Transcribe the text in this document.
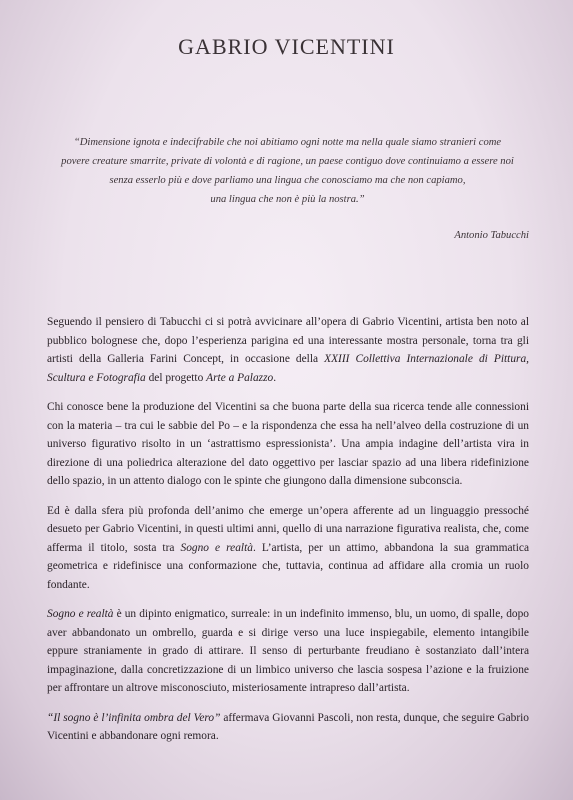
GABRIO VICENTINI
“Dimensione ignota e indecifrabile che noi abitiamo ogni notte ma nella quale siamo stranieri come
povere creature smarrite, private di volontà e di ragione, un paese contiguo dove continuiamo a essere noi
senza esserlo più e dove parliamo una lingua che conosciamo ma che non capiamo,
una lingua che non è più la nostra.”
Antonio Tabucchi

Seguendo il pensiero di Tabucchi ci si potrà avvicinare all’opera di Gabrio Vicentini, artista ben noto al pubblico bolognese che, dopo l’esperienza parigina ed una interessante mostra personale, torna tra gli artisti della Galleria Farini Concept, in occasione della XXIII Collettiva Internazionale di Pittura, Scultura e Fotografia del progetto Arte a Palazzo.

Chi conosce bene la produzione del Vicentini sa che buona parte della sua ricerca tende alle connessioni con la materia – tra cui le sabbie del Po – e la rispondenza che essa ha nell’alveo della costruzione di un universo figurativo risolto in un ‘astrattismo espressionista’. Una ampia indagine dell’artista vira in direzione di una poliedrica alterazione del dato oggettivo per lasciar spazio ad una libera ridefinizione dello spazio, in un attento dialogo con le spinte che giungono dalla dimensione subconscia.

Ed è dalla sfera più profonda dell’animo che emerge un’opera afferente ad un linguaggio pressoché desueto per Gabrio Vicentini, in questi ultimi anni, quello di una narrazione figurativa realista, che, come afferma il titolo, sosta tra Sogno e realtà. L’artista, per un attimo, abbandona la sua grammatica geometrica e ridefinisce una conformazione che, tuttavia, continua ad affidare alla cromia un ruolo fondante.

Sogno e realtà è un dipinto enigmatico, surreale: in un indefinito immenso, blu, un uomo, di spalle, dopo aver abbandonato un ombrello, guarda e si dirige verso una luce inspiegabile, elemento intangibile eppure straniamente in grado di attirare. Il senso di perturbante freudiano è sostanziato dall’intera impaginazione, dalla concretizzazione di un limbico universo che lascia sospesa l’azione e la fruizione per affrontare un altrove misconosciuto, misteriosamente intrapreso dall’artista.

“Il sogno è l’infinita ombra del Vero” affermava Giovanni Pascoli, non resta, dunque, che seguire Gabrio Vicentini e abbandonare ogni remora.
